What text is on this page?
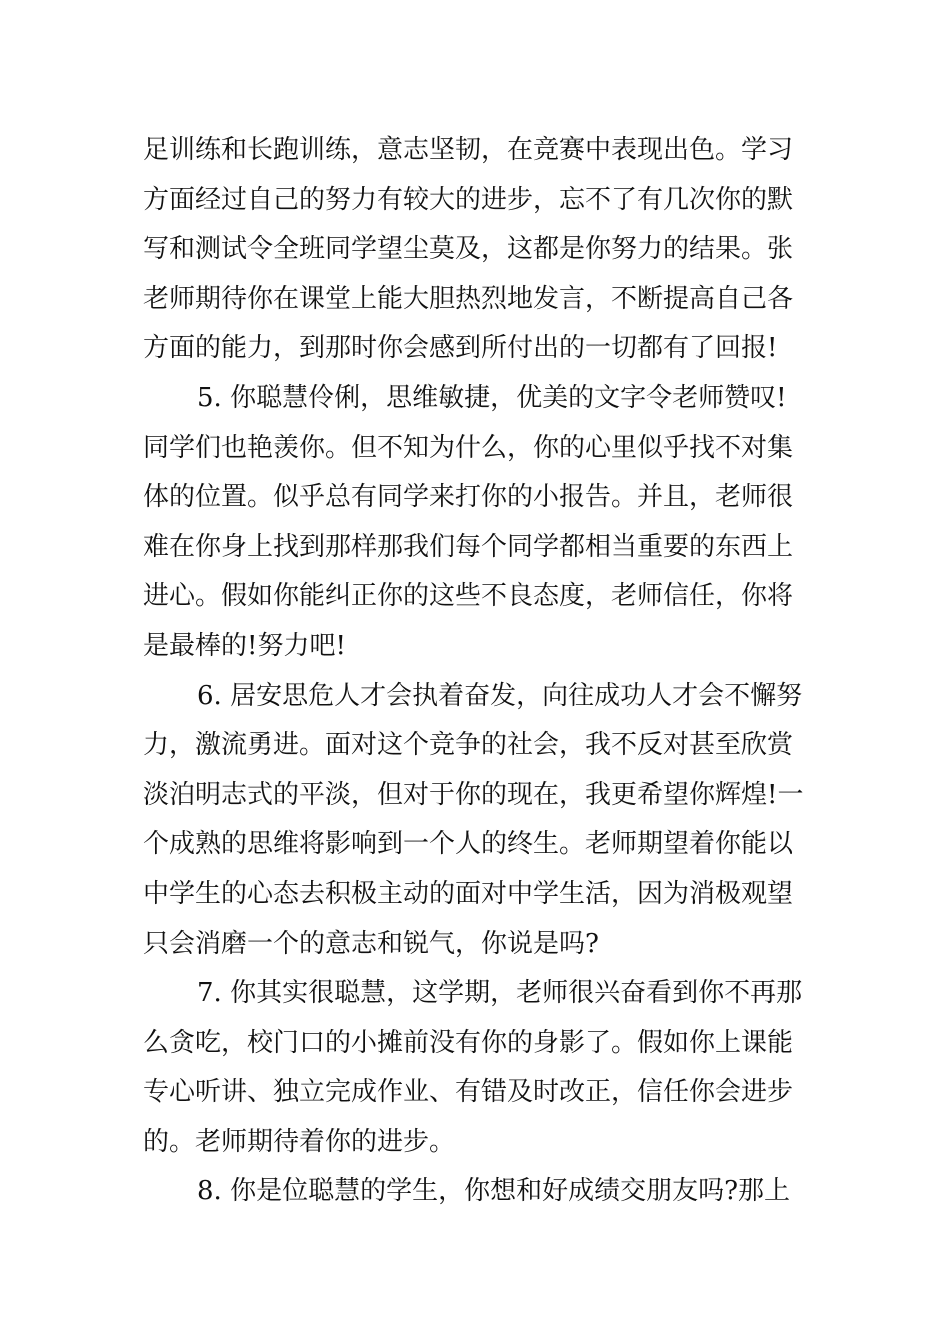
足训练和长跑训练，意志坚韧，在竞赛中表现出色。学习
方面经过自己的努力有较大的进步，忘不了有几次你的默
写和测试令全班同学望尘莫及，这都是你努力的结果。张
老师期待你在课堂上能大胆热烈地发言，不断提高自己各
方面的能力，到那时你会感到所付出的一切都有了回报!
5. 你聪慧伶俐，思维敏捷，优美的文字令老师赞叹!
同学们也艳羡你。但不知为什么，你的心里似乎找不对集
体的位置。似乎总有同学来打你的小报告。并且，老师很
难在你身上找到那样那我们每个同学都相当重要的东西上
进心。假如你能纠正你的这些不良态度，老师信任，你将
是最棒的!努力吧!
6. 居安思危人才会执着奋发，向往成功人才会不懈努
力，激流勇进。面对这个竞争的社会，我不反对甚至欣赏
淡泊明志式的平淡，但对于你的现在，我更希望你辉煌!一
个成熟的思维将影响到一个人的终生。老师期望着你能以
中学生的心态去积极主动的面对中学生活，因为消极观望
只会消磨一个的意志和锐气，你说是吗?
7. 你其实很聪慧，这学期，老师很兴奋看到你不再那
么贪吃，校门口的小摊前没有你的身影了。假如你上课能
专心听讲、独立完成作业、有错及时改正，信任你会进步
的。老师期待着你的进步。
8. 你是位聪慧的学生，你想和好成绩交朋友吗?那上
